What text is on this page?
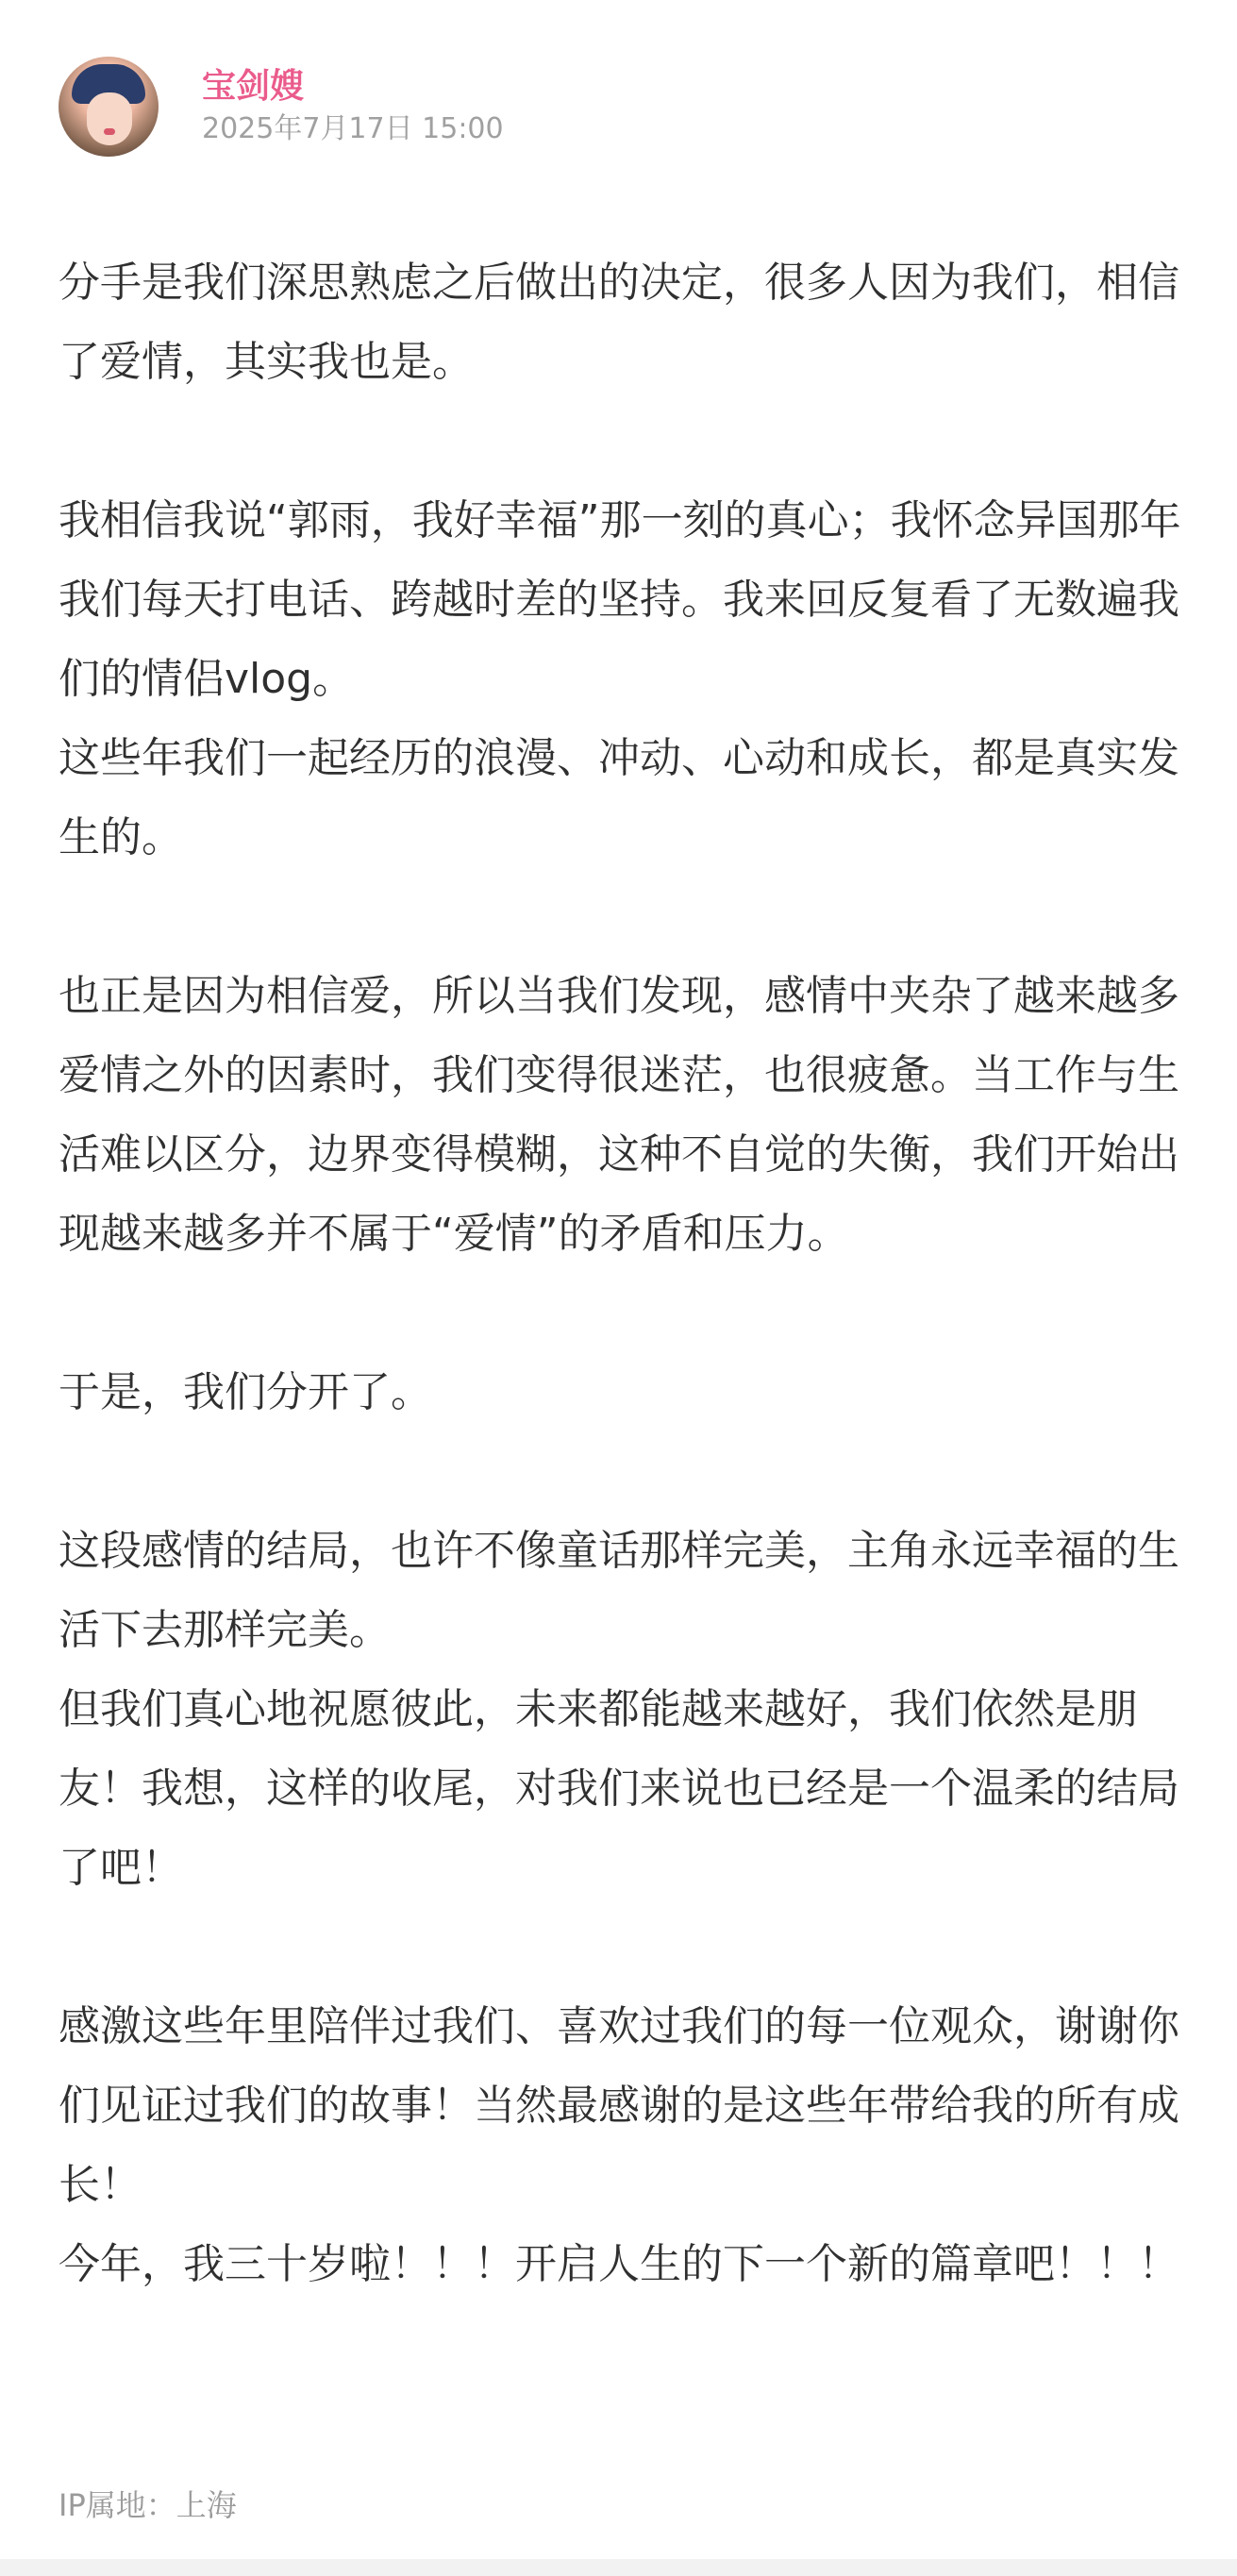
宝剑嫂
2025年7月17日 15:00

分手是我们深思熟虑之后做出的决定，很多人因为我们，相信了爱情，其实我也是。

我相信我说“郭雨，我好幸福”那一刻的真心；我怀念异国那年我们每天打电话、跨越时差的坚持。我来回反复看了无数遍我们的情侣vlog。

这些年我们一起经历的浪漫、冲动、心动和成长，都是真实发生的。

也正是因为相信爱，所以当我们发现，感情中夹杂了越来越多爱情之外的因素时，我们变得很迷茫，也很疲惫。当工作与生活难以区分，边界变得模糊，这种不自觉的失衡，我们开始出现越来越多并不属于“爱情”的矛盾和压力。

于是，我们分开了。

这段感情的结局，也许不像童话那样完美，主角永远幸福的生活下去那样完美。

但我们真心地祝愿彼此，未来都能越来越好，我们依然是朋友！我想，这样的收尾，对我们来说也已经是一个温柔的结局了吧！

感激这些年里陪伴过我们、喜欢过我们的每一位观众，谢谢你们见证过我们的故事！当然最感谢的是这些年带给我的所有成长！

今年，我三十岁啦！！！开启人生的下一个新的篇章吧！！！

IP属地：上海
